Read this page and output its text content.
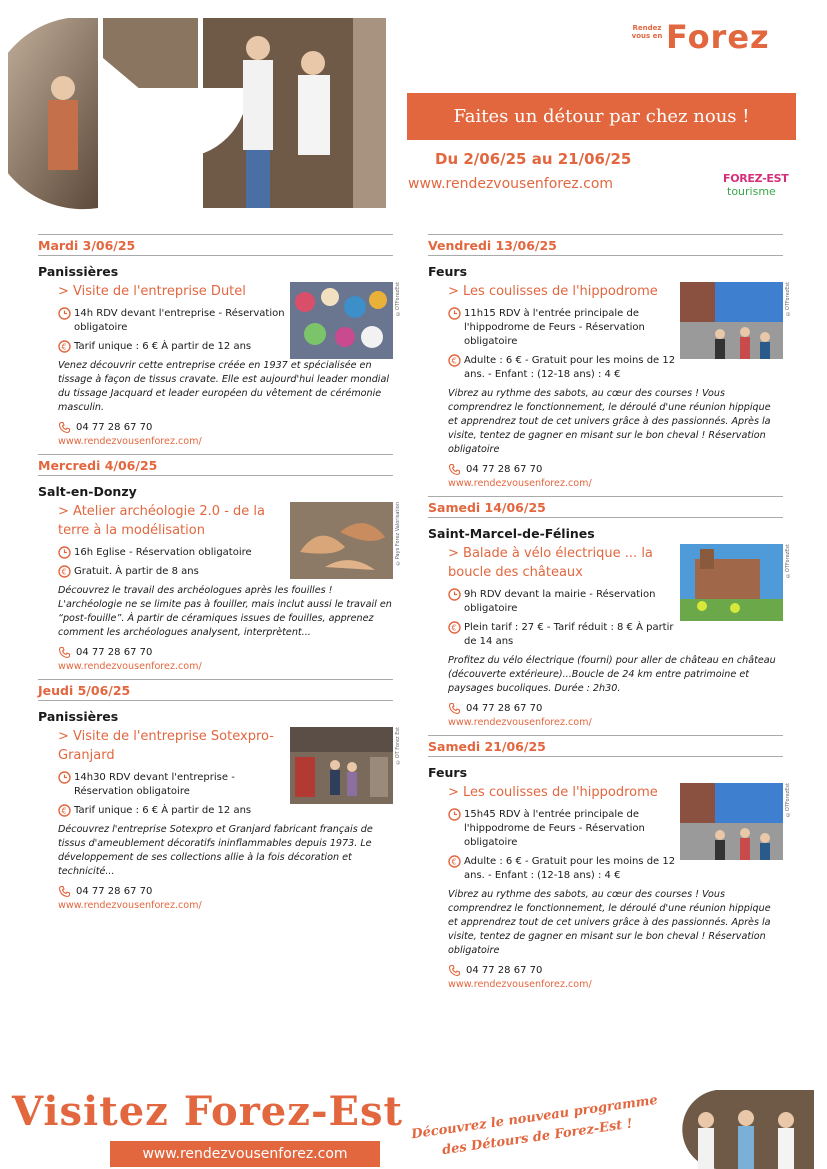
Rendez vous en Forez
Faites un détour par chez nous !
Du 2/06/25 au 21/06/25
www.rendezvousenforez.com	FOREZ-EST
tourisme
Mardi 3/06/25
Panissières
> Visite de l'entreprise Dutel
14h RDV devant l'entreprise - Réservation obligatoire
€ Tarif unique : 6 € À partir de 12 ans
Venez découvrir cette entreprise créée en 1937 et spécialisée en tissage à façon de tissus cravate. Elle est aujourd'hui leader mondial du tissage Jacquard et leader européen du vêtement de cérémonie masculin.
04 77 28 67 70
www.rendezvousenforez.com/
©OTForezEst
Mercredi 4/06/25
Salt-en-Donzy
> Atelier archéologie 2.0 - de la terre à la modélisation
16h Eglise - Réservation obligatoire
€ Gratuit. À partir de 8 ans
Découvrez le travail des archéologues après les fouilles ! L'archéologie ne se limite pas à fouiller, mais inclut aussi le travail en “post-fouille”. À partir de céramiques issues de fouilles, apprenez comment les archéologues analysent, interprètent...
04 77 28 67 70
www.rendezvousenforez.com/
©Pays Forez Valorisation
Jeudi 5/06/25
Panissières
> Visite de l'entreprise Sotexpro-Granjard
14h30 RDV devant l'entreprise - Réservation obligatoire
€ Tarif unique : 6 € À partir de 12 ans
Découvrez l'entreprise Sotexpro et Granjard fabricant français de tissus d'ameublement décoratifs ininflammables depuis 1973. Le développement de ses collections allie à la fois décoration et technicité...
04 77 28 67 70
www.rendezvousenforez.com/
©OT Forez Est
Vendredi 13/06/25
Feurs
> Les coulisses de l'hippodrome
11h15 RDV à l'entrée principale de l'hippodrome de Feurs - Réservation obligatoire
€ Adulte : 6 € - Gratuit pour les moins de 12 ans. - Enfant : (12-18 ans) : 4 €
Vibrez au rythme des sabots, au cœur des courses ! Vous comprendrez le fonctionnement, le déroulé d'une réunion hippique et apprendrez tout de cet univers grâce à des passionnés. Après la visite, tentez de gagner en misant sur le bon cheval ! Réservation obligatoire
04 77 28 67 70
www.rendezvousenforez.com/
©OTForezEst
Samedi 14/06/25
Saint-Marcel-de-Félines
> Balade à vélo électrique ... la boucle des châteaux
9h RDV devant la mairie - Réservation obligatoire
€ Plein tarif : 27 € - Tarif réduit : 8 € À partir de 14 ans
Profitez du vélo électrique (fourni) pour aller de château en château (découverte extérieure)...Boucle de 24 km entre patrimoine et paysages bucoliques. Durée : 2h30.
04 77 28 67 70
www.rendezvousenforez.com/
©OTForezEst
Samedi 21/06/25
Feurs
> Les coulisses de l'hippodrome
15h45 RDV à l'entrée principale de l'hippodrome de Feurs - Réservation obligatoire
€ Adulte : 6 € - Gratuit pour les moins de 12 ans. - Enfant : (12-18 ans) : 4 €
Vibrez au rythme des sabots, au cœur des courses ! Vous comprendrez le fonctionnement, le déroulé d'une réunion hippique et apprendrez tout de cet univers grâce à des passionnés. Après la visite, tentez de gagner en misant sur le bon cheval ! Réservation obligatoire
04 77 28 67 70
www.rendezvousenforez.com/
©OTForezEst
Visitez Forez-Est
www.rendezvousenforez.com
Découvrez le nouveau programme des Détours de Forez-Est !
